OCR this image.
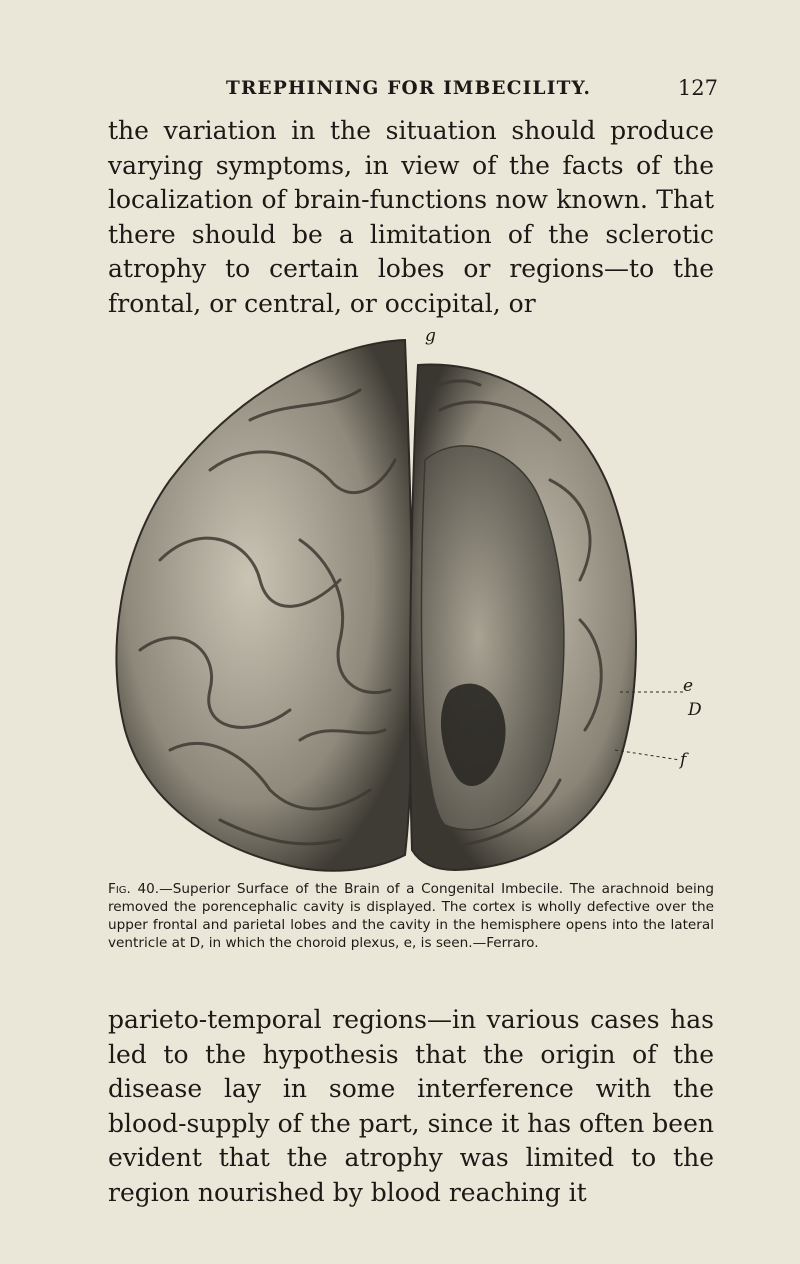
TREPHINING FOR IMBECILITY.	127

the variation in the situation should produce varying symptoms, in view of the facts of the localization of brain-functions now known. That there should be a limitation of the sclerotic atrophy to certain lobes or regions—to the frontal, or central, or occipital, or

g
e
D
f

Fig. 40.—Superior Surface of the Brain of a Congenital Imbecile. The arachnoid being removed the porencephalic cavity is displayed. The cortex is wholly defective over the upper frontal and parietal lobes and the cavity in the hemisphere opens into the lateral ventricle at D, in which the choroid plexus, e, is seen.—Ferraro.

parieto-temporal regions—in various cases has led to the hypothesis that the origin of the disease lay in some interference with the blood-supply of the part, since it has often been evident that the atrophy was limited to the region nourished by blood reaching it
